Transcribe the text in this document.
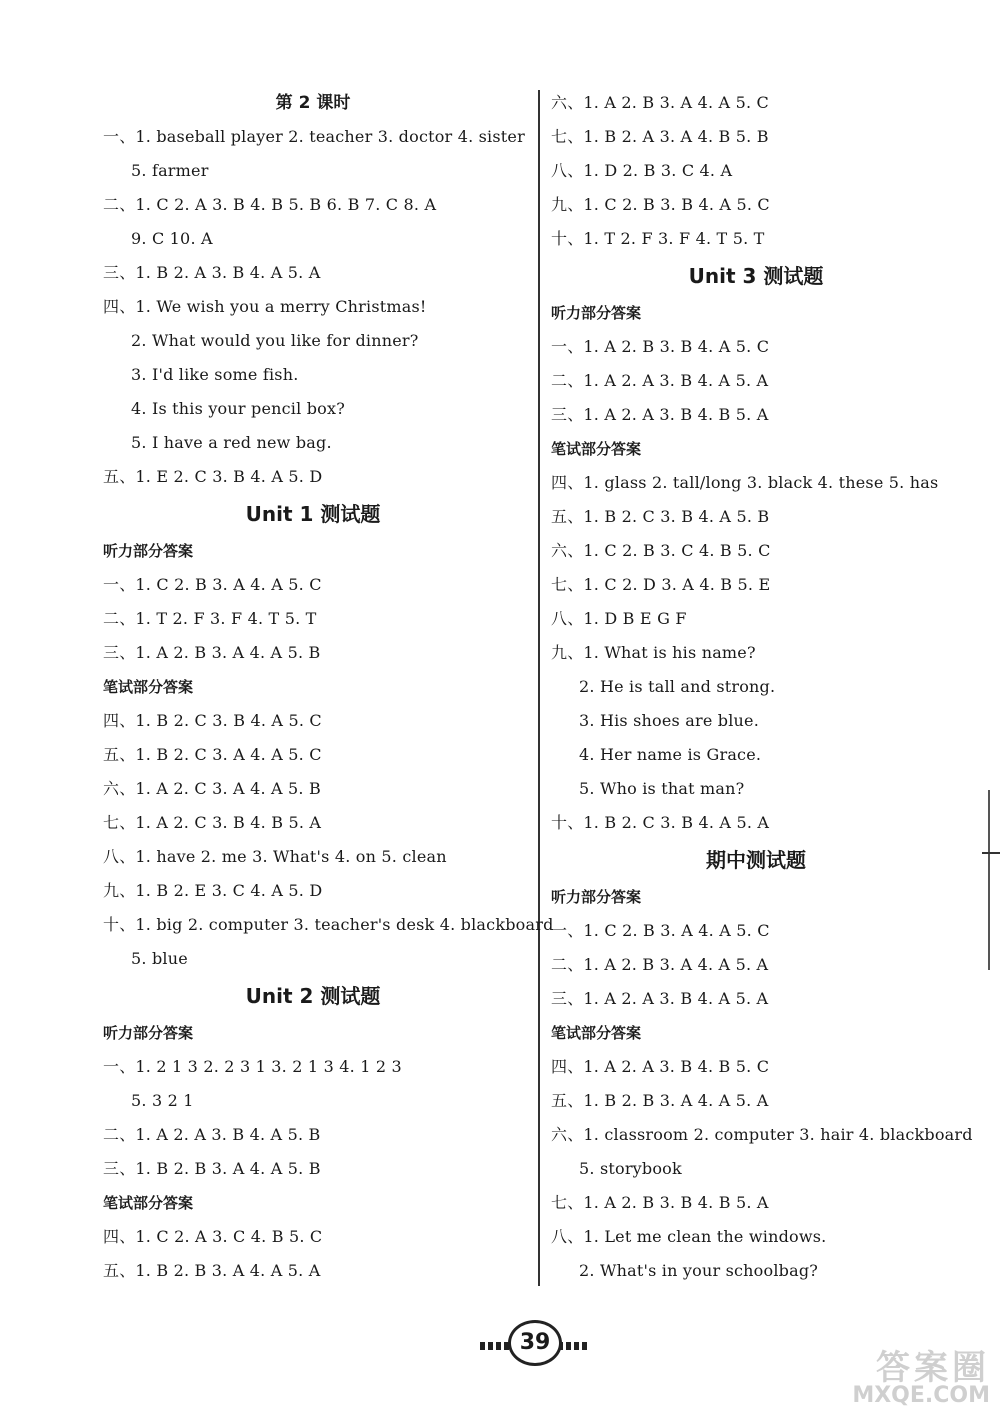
第 2 课时
一、1. baseball player 2. teacher 3. doctor 4. sister
5. farmer
二、1. C 2. A 3. B 4. B 5. B 6. B 7. C 8. A
9. C 10. A
三、1. B 2. A 3. B 4. A 5. A
四、1. We wish you a merry Christmas!
2. What would you like for dinner?
3. I'd like some fish.
4. Is this your pencil box?
5. I have a red new bag.
五、1. E 2. C 3. B 4. A 5. D
Unit 1 测试题
听力部分答案
一、1. C 2. B 3. A 4. A 5. C
二、1. T 2. F 3. F 4. T 5. T
三、1. A 2. B 3. A 4. A 5. B
笔试部分答案
四、1. B 2. C 3. B 4. A 5. C
五、1. B 2. C 3. A 4. A 5. C
六、1. A 2. C 3. A 4. A 5. B
七、1. A 2. C 3. B 4. B 5. A
八、1. have 2. me 3. What's 4. on 5. clean
九、1. B 2. E 3. C 4. A 5. D
十、1. big 2. computer 3. teacher's desk 4. blackboard
5. blue
Unit 2 测试题
听力部分答案
一、1. 2 1 3 2. 2 3 1 3. 2 1 3 4. 1 2 3
5. 3 2 1
二、1. A 2. A 3. B 4. A 5. B
三、1. B 2. B 3. A 4. A 5. B
笔试部分答案
四、1. C 2. A 3. C 4. B 5. C
五、1. B 2. B 3. A 4. A 5. A
六、1. A 2. B 3. A 4. A 5. C
七、1. B 2. A 3. A 4. B 5. B
八、1. D 2. B 3. C 4. A
九、1. C 2. B 3. B 4. A 5. C
十、1. T 2. F 3. F 4. T 5. T
Unit 3 测试题
听力部分答案
一、1. A 2. B 3. B 4. A 5. C
二、1. A 2. A 3. B 4. A 5. A
三、1. A 2. A 3. B 4. B 5. A
笔试部分答案
四、1. glass 2. tall/long 3. black 4. these 5. has
五、1. B 2. C 3. B 4. A 5. B
六、1. C 2. B 3. C 4. B 5. C
七、1. C 2. D 3. A 4. B 5. E
八、1. D B E G F
九、1. What is his name?
2. He is tall and strong.
3. His shoes are blue.
4. Her name is Grace.
5. Who is that man?
十、1. B 2. C 3. B 4. A 5. A
期中测试题
听力部分答案
一、1. C 2. B 3. A 4. A 5. C
二、1. A 2. B 3. A 4. A 5. A
三、1. A 2. A 3. B 4. A 5. A
笔试部分答案
四、1. A 2. A 3. B 4. B 5. C
五、1. B 2. B 3. A 4. A 5. A
六、1. classroom 2. computer 3. hair 4. blackboard
5. storybook
七、1. A 2. B 3. B 4. B 5. A
八、1. Let me clean the windows.
2. What's in your schoolbag?
39
答案圈
MXQE.COM
